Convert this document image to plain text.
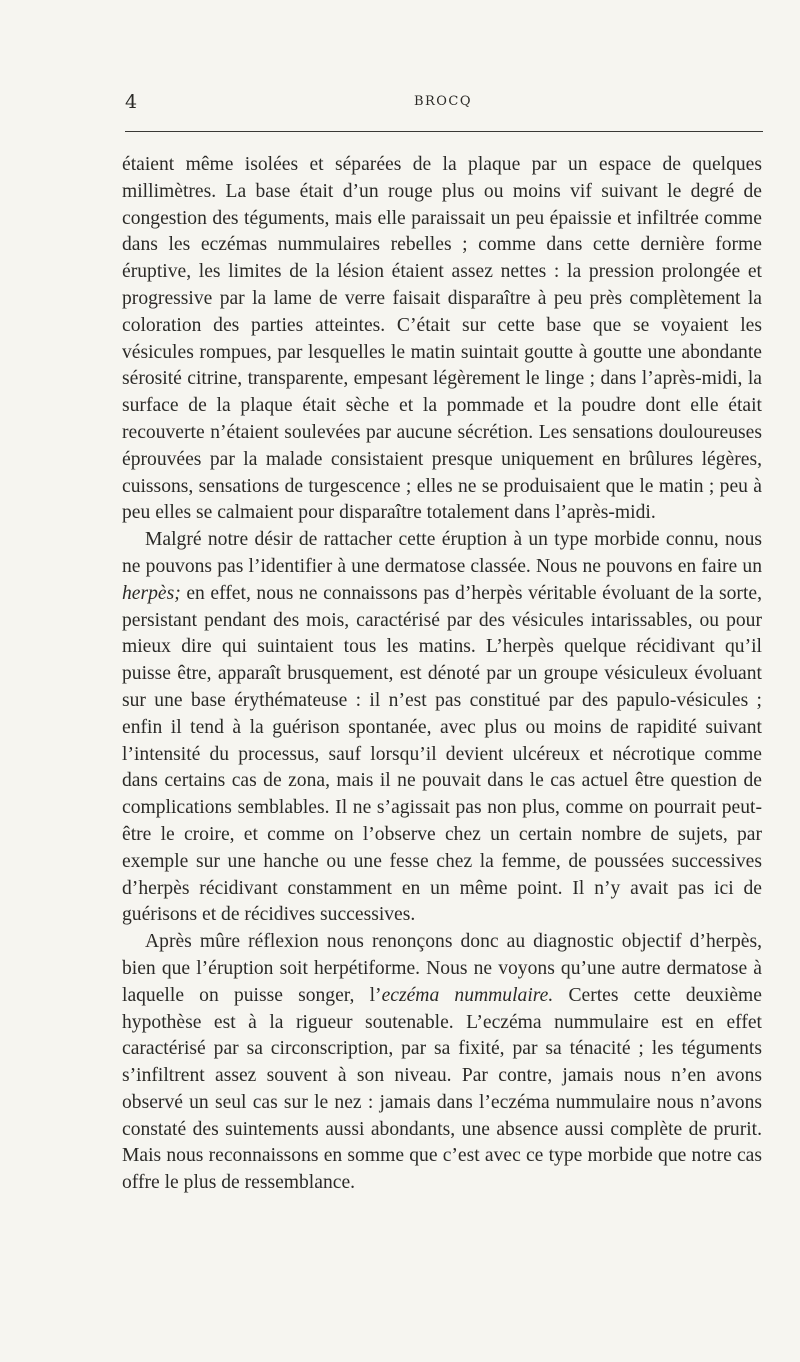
4	BROCQ

étaient même isolées et séparées de la plaque par un espace de quelques millimètres. La base était d’un rouge plus ou moins vif suivant le degré de congestion des téguments, mais elle paraissait un peu épaissie et infiltrée comme dans les eczémas nummulaires rebelles ; comme dans cette dernière forme éruptive, les limites de la lésion étaient assez nettes : la pression prolongée et progressive par la lame de verre faisait disparaître à peu près complètement la coloration des parties atteintes. C’était sur cette base que se voyaient les vésicules rompues, par lesquelles le matin suintait goutte à goutte une abondante sérosité citrine, transparente, empesant légèrement le linge ; dans l’après-midi, la surface de la plaque était sèche et la pommade et la poudre dont elle était recouverte n’étaient soulevées par aucune sécrétion. Les sensations douloureuses éprouvées par la malade consistaient presque uniquement en brûlures légères, cuissons, sensations de turgescence ; elles ne se produisaient que le matin ; peu à peu elles se calmaient pour disparaître totalement dans l’après-midi.

Malgré notre désir de rattacher cette éruption à un type morbide connu, nous ne pouvons pas l’identifier à une dermatose classée. Nous ne pouvons en faire un herpès; en effet, nous ne connaissons pas d’herpès véritable évoluant de la sorte, persistant pendant des mois, caractérisé par des vésicules intarissables, ou pour mieux dire qui suintaient tous les matins. L’herpès quelque récidivant qu’il puisse être, apparaît brusquement, est dénoté par un groupe vésiculeux évoluant sur une base érythémateuse : il n’est pas constitué par des papulo-vésicules ; enfin il tend à la guérison spontanée, avec plus ou moins de rapidité suivant l’intensité du processus, sauf lorsqu’il devient ulcéreux et nécrotique comme dans certains cas de zona, mais il ne pouvait dans le cas actuel être question de complications semblables. Il ne s’agissait pas non plus, comme on pourrait peut-être le croire, et comme on l’observe chez un certain nombre de sujets, par exemple sur une hanche ou une fesse chez la femme, de poussées successives d’herpès récidivant constamment en un même point. Il n’y avait pas ici de guérisons et de récidives successives.

Après mûre réflexion nous renonçons donc au diagnostic objectif d’herpès, bien que l’éruption soit herpétiforme. Nous ne voyons qu’une autre dermatose à laquelle on puisse songer, l’eczéma nummulaire. Certes cette deuxième hypothèse est à la rigueur soutenable. L’eczéma nummulaire est en effet caractérisé par sa circonscription, par sa fixité, par sa ténacité ; les téguments s’infiltrent assez souvent à son niveau. Par contre, jamais nous n’en avons observé un seul cas sur le nez : jamais dans l’eczéma nummulaire nous n’avons constaté des suintements aussi abondants, une absence aussi complète de prurit. Mais nous reconnaissons en somme que c’est avec ce type morbide que notre cas offre le plus de ressemblance.
